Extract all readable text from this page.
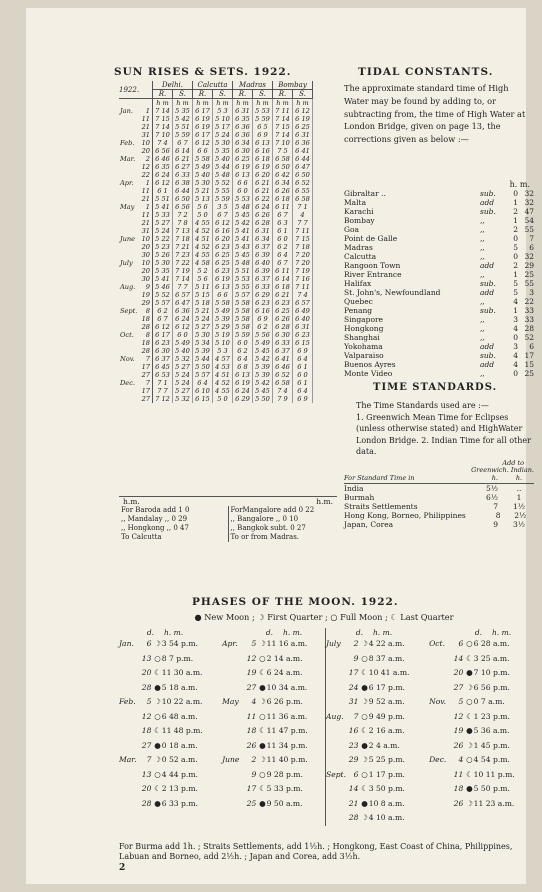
SUN RISES & SETS. 1922.
1922.	Delhi.		Calcutta		Madras		Bombay	
	R.	S.	R.	S.	R.	S.	R.	S.
	h m	h m	h m	h m	h m	h m	h m	h m
Jan. 1	7 14	5 35	6 17	5 3	6 31	5 53	7 11	6 12
11	7 15	5 42	6 19	5 10	6 35	5 59	7 14	6 19
21	7 14	5 51	6 19	5 17	6 36	6 5	7 15	6 25
31	7 10	5 59	6 17	5 24	6 36	6 9	7 14	6 31
Feb. 10	7 4	6 7	6 12	5 30	6 34	6 13	7 10	6 36
20	6 56	6 14	6 6	5 35	6 30	6 16	7 5	6 41
Mar. 2	6 46	6 21	5 58	5 40	6 25	6 18	6 58	6 44
12	6 35	6 27	5 49	5 44	6 19	6 19	6 50	6 47
22	6 24	6 33	5 40	5 48	6 13	6 20	6 42	6 50
Apr. 1	6 12	6 38	5 30	5 52	6 6	6 21	6 34	6 52
11	6 1	6 44	5 21	5 55	6 0	6 21	6 26	6 55
21	5 51	6 50	5 13	5 59	5 53	6 22	6 18	6 58
May 1	5 41	6 56	5 6	3 5	5 48	6 24	6 11	7 1
11	5 33	7 2	5 0	6 7	5 45	6 26	6 7	4
21	5 27	7 8	4 55	6 12	5 42	6 28	6 3	7 7
31	5 24	7 13	4 52	6 16	5 41	6 31	6 1	7 11
June 10	5 22	7 18	4 51	6 20	5 41	6 34	6 0	7 15
20	5 23	7 21	4 52	6 23	5 43	6 37	6 2	7 18
30	5 26	7 23	4 55	6 25	5 45	6 39	6 4	7 20
July 10	5 30	7 22	4 58	6 25	5 48	6 40	6 7	7 20
20	5 35	7 19	5 2	6 23	5 51	6 39	6 11	7 19
30	5 41	7 14	5 6	6 19	5 53	6 37	6 14	7 16
Aug. 9	5 46	7 7	5 11	6 13	5 55	6 33	6 18	7 11
19	5 52	6 57	5 15	6 6	5 57	6 29	6 21	7 4
29	5 57	6 47	5 18	5 58	5 58	6 23	6 23	6 57
Sept. 8	6 2	6 36	5 21	5 49	5 58	6 16	6 25	6 49
18	6 7	6 24	5 24	5 39	5 58	6 9	6 26	6 40
28	6 12	6 12	5 27	5 29	5 58	6 2	6 28	6 31
Oct. 8	6 17	6 0	5 30	5 19	5 59	5 56	6 30	6 23
18	6 23	5 49	5 34	5 10	6 0	5 49	6 33	6 15
28	6 30	5 40	5 39	5 3	6 2	5 45	6 37	6 9
Nov. 7	6 37	5 32	5 44	4 57	6 4	5 42	6 41	6 4
17	6 45	5 27	5 50	4 53	6 8	5 39	6 46	6 1
27	6 53	5 24	5 57	4 51	6 13	5 39	6 52	6 0
Dec. 7	7 1	5 24	6 4	4 52	6 19	5 42	6 58	6 1
17	7 7	5 27	6 10	4 55	6 24	5 45	7 4	6 4
27	7 12	5 32	6 15	5 0	6 29	5 50	7 9	6 9
h.m.	h.m.
For Baroda add 1 0
,, Mandalay ,, 0 29
,, Hongkong ,, 0 47
To Calcutta
ForMangalore add 0 22
,, Bangalore ,, 0 10
,, Bangkok subt. 0 27
To or from Madras.
TIDAL CONSTANTS.
The approximate standard time of High Water may be found by adding to, or subtracting from, the time of High Water at London Bridge, given on page 13, the corrections given as below :—
h. m.
Gibraltar ..	sub.	0 32
Malta	add	1 32
Karachi	sub.	2 47
Bombay	,,	1 54
Goa	,,	2 55
Point de Galle	,,	0	7
Madras	,,	5	6
Calcutta	,,	0 32
Rangoon Town	add	2 29
River Entrance	,,	1 25
Halifax	sub.	5 55
St. John's, Newfoundland	add	5	3
Quebec	,,	4 22
Penang	sub.	1 33
Singapore	,,	3 33
Hongkong	,,	4 28
Shanghai	,,	0 52
Yokohama	add	3	6
Valparaiso	sub.	4 17
Buenos Ayres	add	4 15
Monte Video	,,	0 25
TIME STANDARDS.
The Time Standards used are :—
1. Greenwich Mean Time for Eclipses (unless otherwise stated) and HighWater London Bridge. 2. Indian Time for all other data.
Add to
Greenwich. Indian.
For Standard Time in	h.	h.
India	5½	..
Burmah	6½	1
Straits Settlements	7	1½
Hong Kong, Borneo, Philippines	8	2½
Japan, Corea	9	3½
PHASES OF THE MOON. 1922.
● New Moon ; ☽ First Quarter ; ○ Full Moon ; ☾ Last Quarter
d.	h. m.	d.	h. m.
Jan.	6 ☽ 3 54 p.m.	Apr.	5 ☽ 11 16 a.m.
13 ○ 8 7 p.m.	12 ○ 2 14 a.m.
20 ☾ 11 30 a.m.	19 ☾ 6 24 a.m.
28 ● 5 18 a.m.	27 ● 10 34 a.m.
Feb.	5 ☽ 10 22 a.m.	May	4 ☽ 6 26 p.m.
12 ○ 6 48 a.m.	11 ○ 11 36 a.m.
18 ☾ 11 48 p.m.	18 ☾ 11 47 p.m.
27 ● 0 18 a.m.	26 ● 11 34 p.m.
Mar.	7 ☽ 0 52 a.m.	June	2 ☽ 11 40 p.m.
13 ○ 4 44 p.m.	9 ○ 9 28 p.m.
20 ☾ 2 13 p.m.	17 ☾ 5 33 p.m.
28 ● 6 33 p.m.	25 ● 9 50 a.m.
d.	h. m.	d.	h. m.
July	2 ☽ 4 22 a.m.	Oct.	6 ○ 6 28 a.m.
9 ○ 8 37 a.m.	14 ☾ 3 25 a.m.
17 ☾ 10 41 a.m.	20 ● 7 10 p.m.
24 ● 6 17 p.m.	27 ☽ 6 56 p.m.
31 ☽ 9 52 a.m.	Nov.	5 ○ 0 7 a.m.
Aug.	7 ○ 9 49 p.m.	12 ☾ 1 23 p.m.
16 ☾ 2 16 a.m.	19 ● 5 36 a.m.
23 ● 2 4 a.m.	26 ☽ 1 45 p.m.
29 ☽ 5 25 p.m.	Dec.	4 ○ 4 54 p.m.
Sept. 6 ○ 1 17 p.m.	11 ☾ 10 11 p.m.
14 ☾ 3 50 p.m.	18 ● 5 50 p.m.
21 ● 10 8 a.m.	26 ☽ 11 23 a.m.
28 ☽ 4 10 a.m.
For Burma add 1h. ; Straits Settlements, add 1½h. ; Hongkong, East Coast of China, Philippines, Labuan and Borneo, add 2½h. ; Japan and Corea, add 3½h.
2
